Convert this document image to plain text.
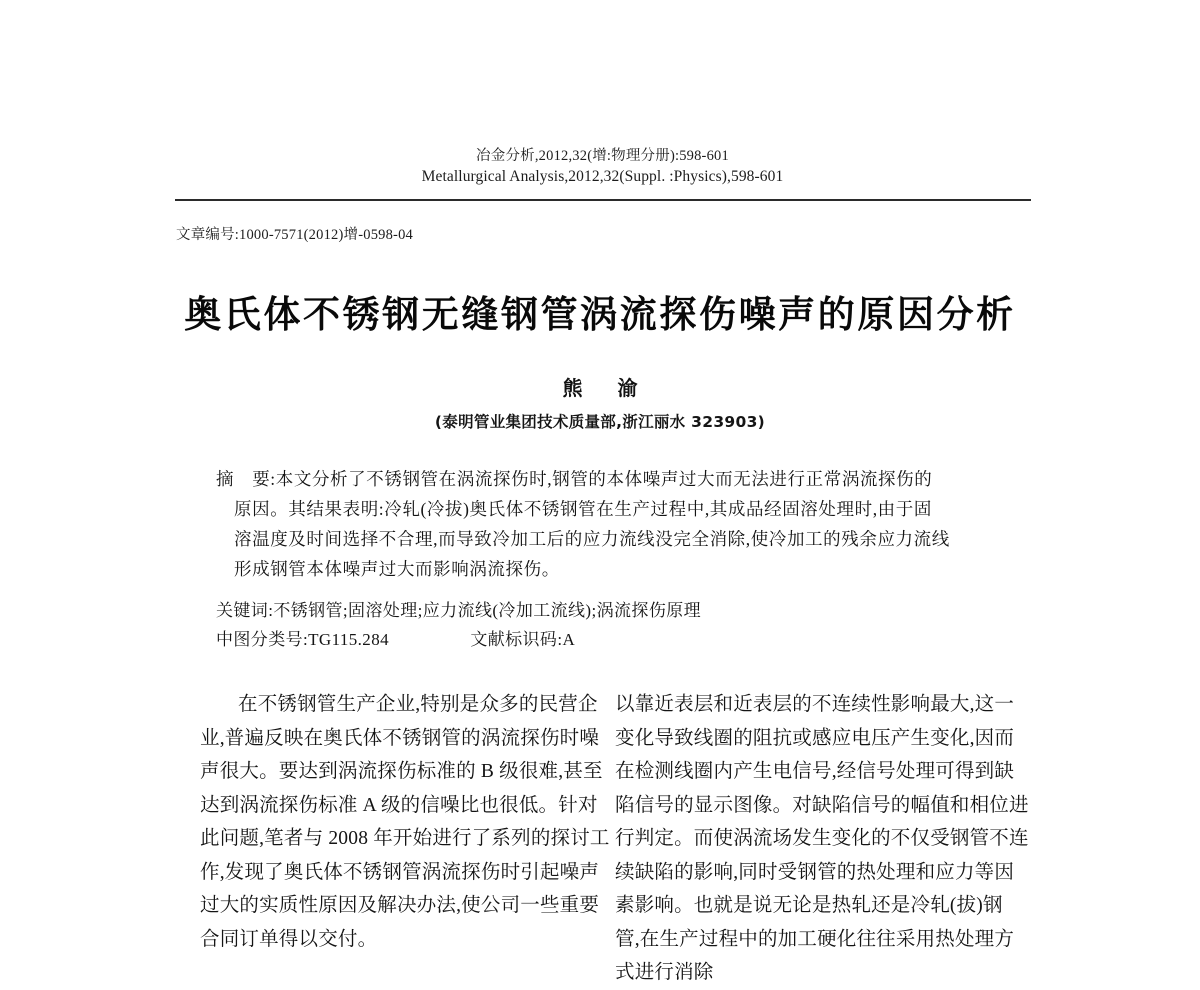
冶金分析,2012,32(增:物理分册):598-601
Metallurgical Analysis,2012,32(Suppl. :Physics),598-601
文章编号:1000-7571(2012)增-0598-04
奥氏体不锈钢无缝钢管涡流探伤噪声的原因分析
熊 渝
(泰明管业集团技术质量部,浙江丽水 323903)
摘　要:本文分析了不锈钢管在涡流探伤时,钢管的本体噪声过大而无法进行正常涡流探伤的
原因。其结果表明:冷轧(冷拔)奥氏体不锈钢管在生产过程中,其成品经固溶处理时,由于固
溶温度及时间选择不合理,而导致冷加工后的应力流线没完全消除,使冷加工的残余应力流线
形成钢管本体噪声过大而影响涡流探伤。
关键词:不锈钢管;固溶处理;应力流线(冷加工流线);涡流探伤原理
中图分类号:TG115.284	文献标识码:A
在不锈钢管生产企业,特别是众多的民营企
业,普遍反映在奥氏体不锈钢管的涡流探伤时噪
声很大。要达到涡流探伤标准的 B 级很难,甚至
达到涡流探伤标准 A 级的信噪比也很低。针对
此问题,笔者与 2008 年开始进行了系列的探讨工
作,发现了奥氏体不锈钢管涡流探伤时引起噪声
过大的实质性原因及解决办法,使公司一些重要
合同订单得以交付。
以靠近表层和近表层的不连续性影响最大,这一
变化导致线圈的阻抗或感应电压产生变化,因而
在检测线圈内产生电信号,经信号处理可得到缺
陷信号的显示图像。对缺陷信号的幅值和相位进
行判定。而使涡流场发生变化的不仅受钢管不连
续缺陷的影响,同时受钢管的热处理和应力等因
素影响。也就是说无论是热轧还是冷轧(拔)钢
管,在生产过程中的加工硬化往往采用热处理方
式进行消除
